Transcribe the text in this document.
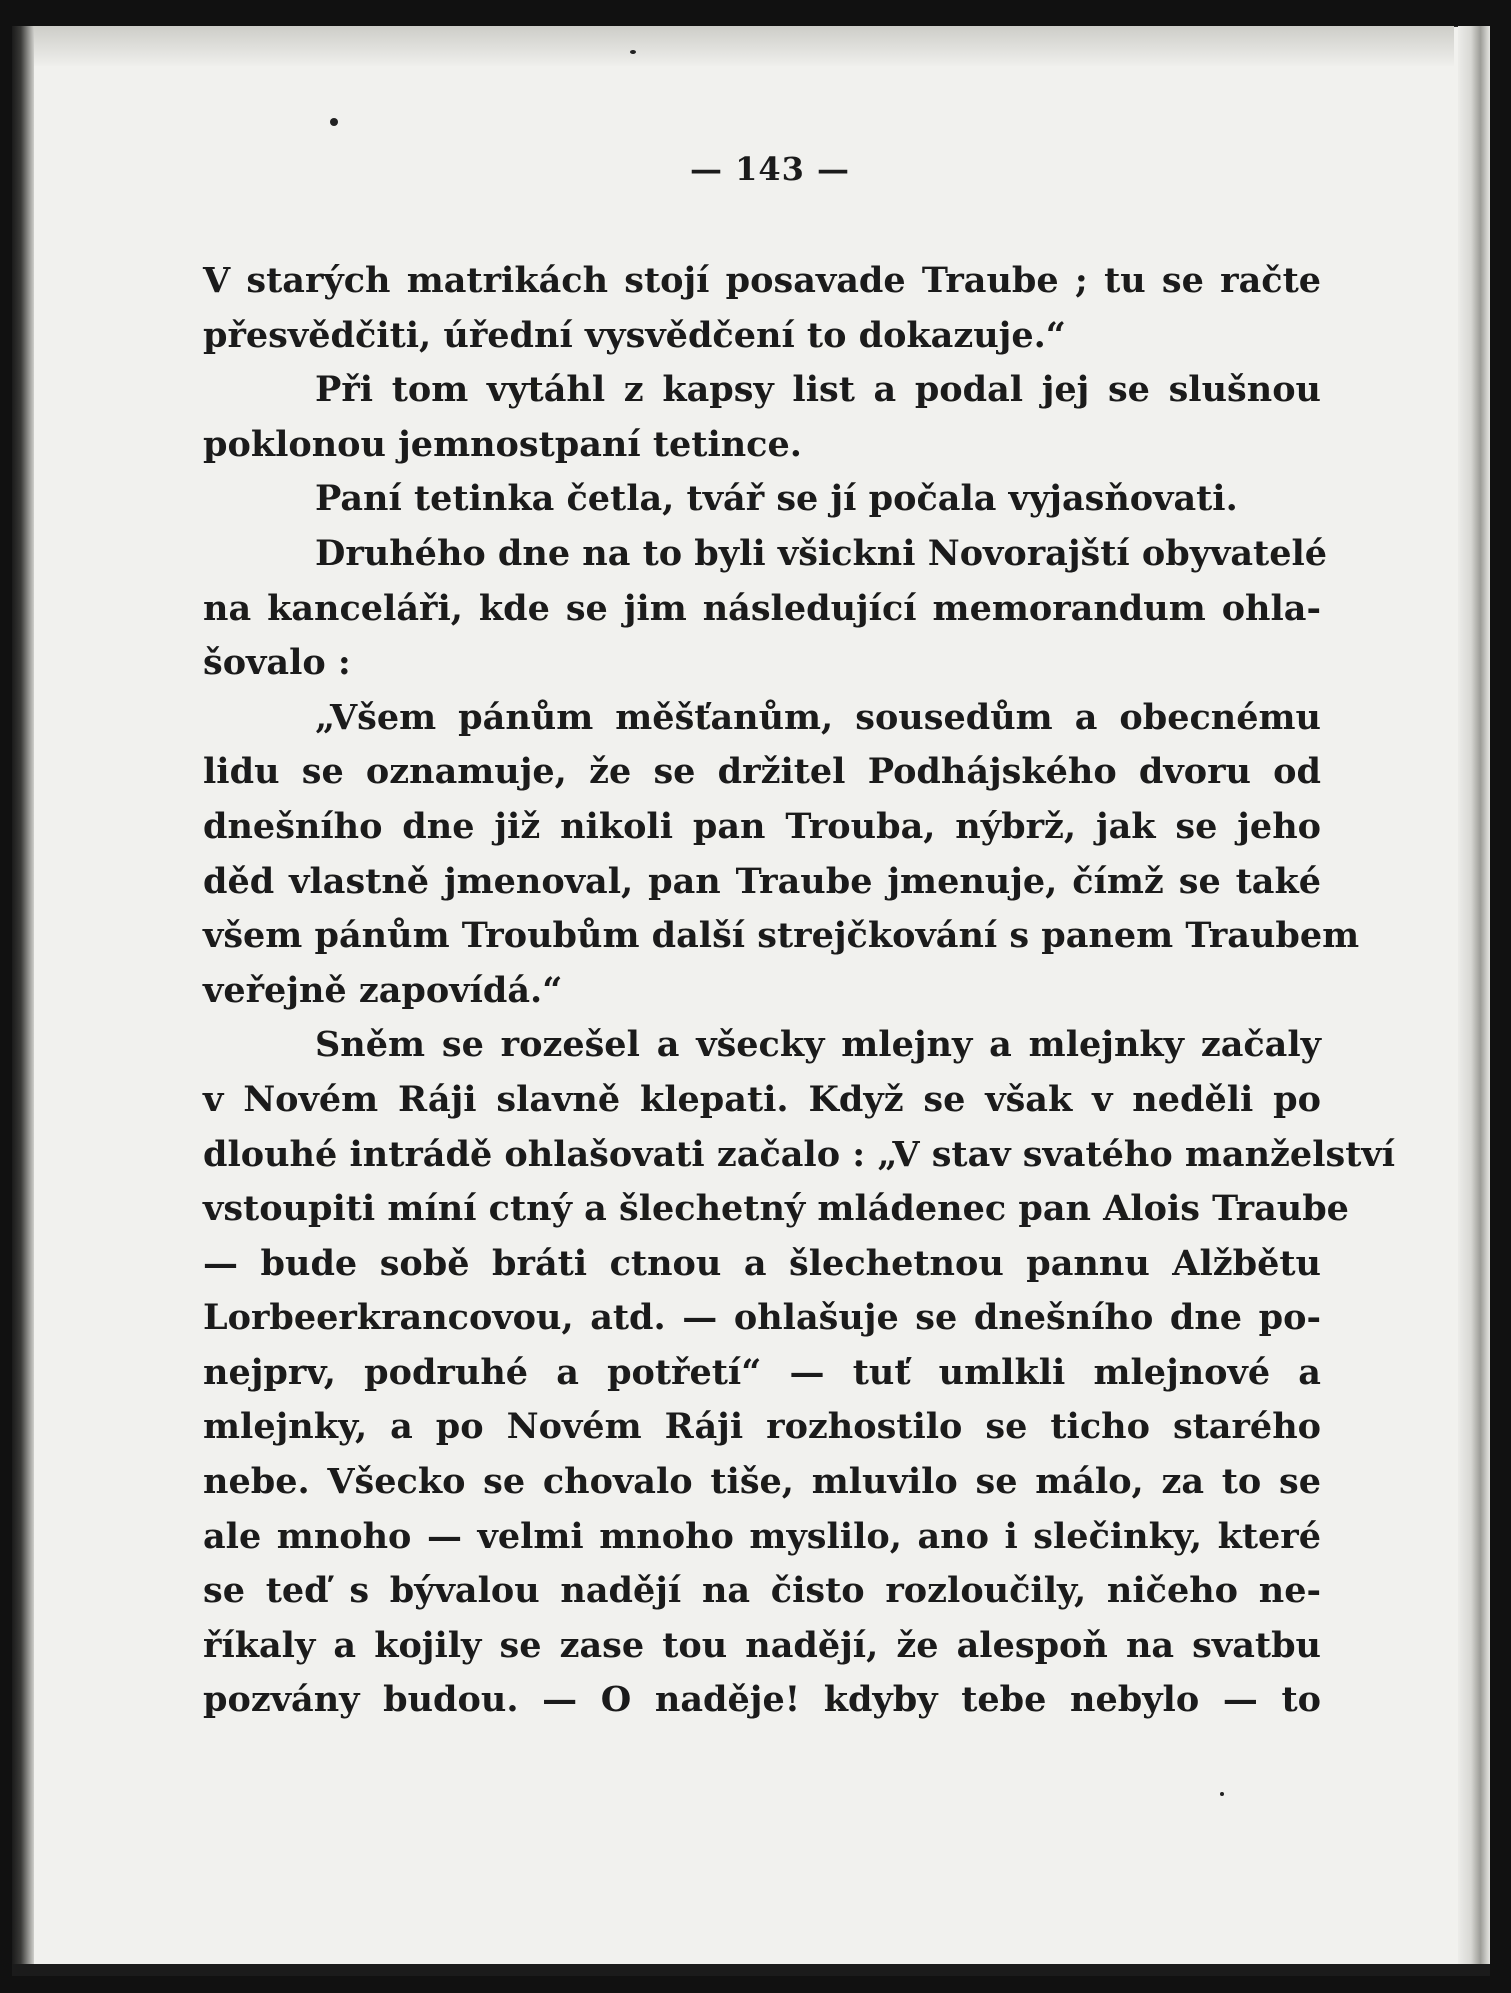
— 143 —
V starých matrikách stojí posavade Traube ; tu se račte
přesvědčiti, úřední vysvědčení to dokazuje.“
Při tom vytáhl z kapsy list a podal jej se slušnou
poklonou jemnostpaní tetince.
Paní tetinka četla, tvář se jí počala vyjasňovati.
Druhého dne na to byli všickni Novorajští obyvatelé
na kanceláři, kde se jim následující memorandum ohla-
šovalo :
„Všem pánům měšťanům, sousedům a obecnému
lidu se oznamuje, že se držitel Podhájského dvoru od
dnešního dne již nikoli pan Trouba, nýbrž, jak se jeho
děd vlastně jmenoval, pan Traube jmenuje, čímž se také
všem pánům Troubům další strejčkování s panem Traubem
veřejně zapovídá.“
Sněm se rozešel a všecky mlejny a mlejnky začaly
v Novém Ráji slavně klepati. Když se však v neděli po
dlouhé intrádě ohlašovati začalo : „V stav svatého manželství
vstoupiti míní ctný a šlechetný mládenec pan Alois Traube
— bude sobě bráti ctnou a šlechetnou pannu Alžbětu
Lorbeerkrancovou, atd. — ohlašuje se dnešního dne po-
nejprv, podruhé a potřetí“ — tuť umlkli mlejnové a
mlejnky, a po Novém Ráji rozhostilo se ticho starého
nebe. Všecko se chovalo tiše, mluvilo se málo, za to se
ale mnoho — velmi mnoho myslilo, ano i slečinky, které
se teď s bývalou nadějí na čisto rozloučily, ničeho ne-
říkaly a kojily se zase tou nadějí, že alespoň na svatbu
pozvány budou. — O naděje! kdyby tebe nebylo — to
